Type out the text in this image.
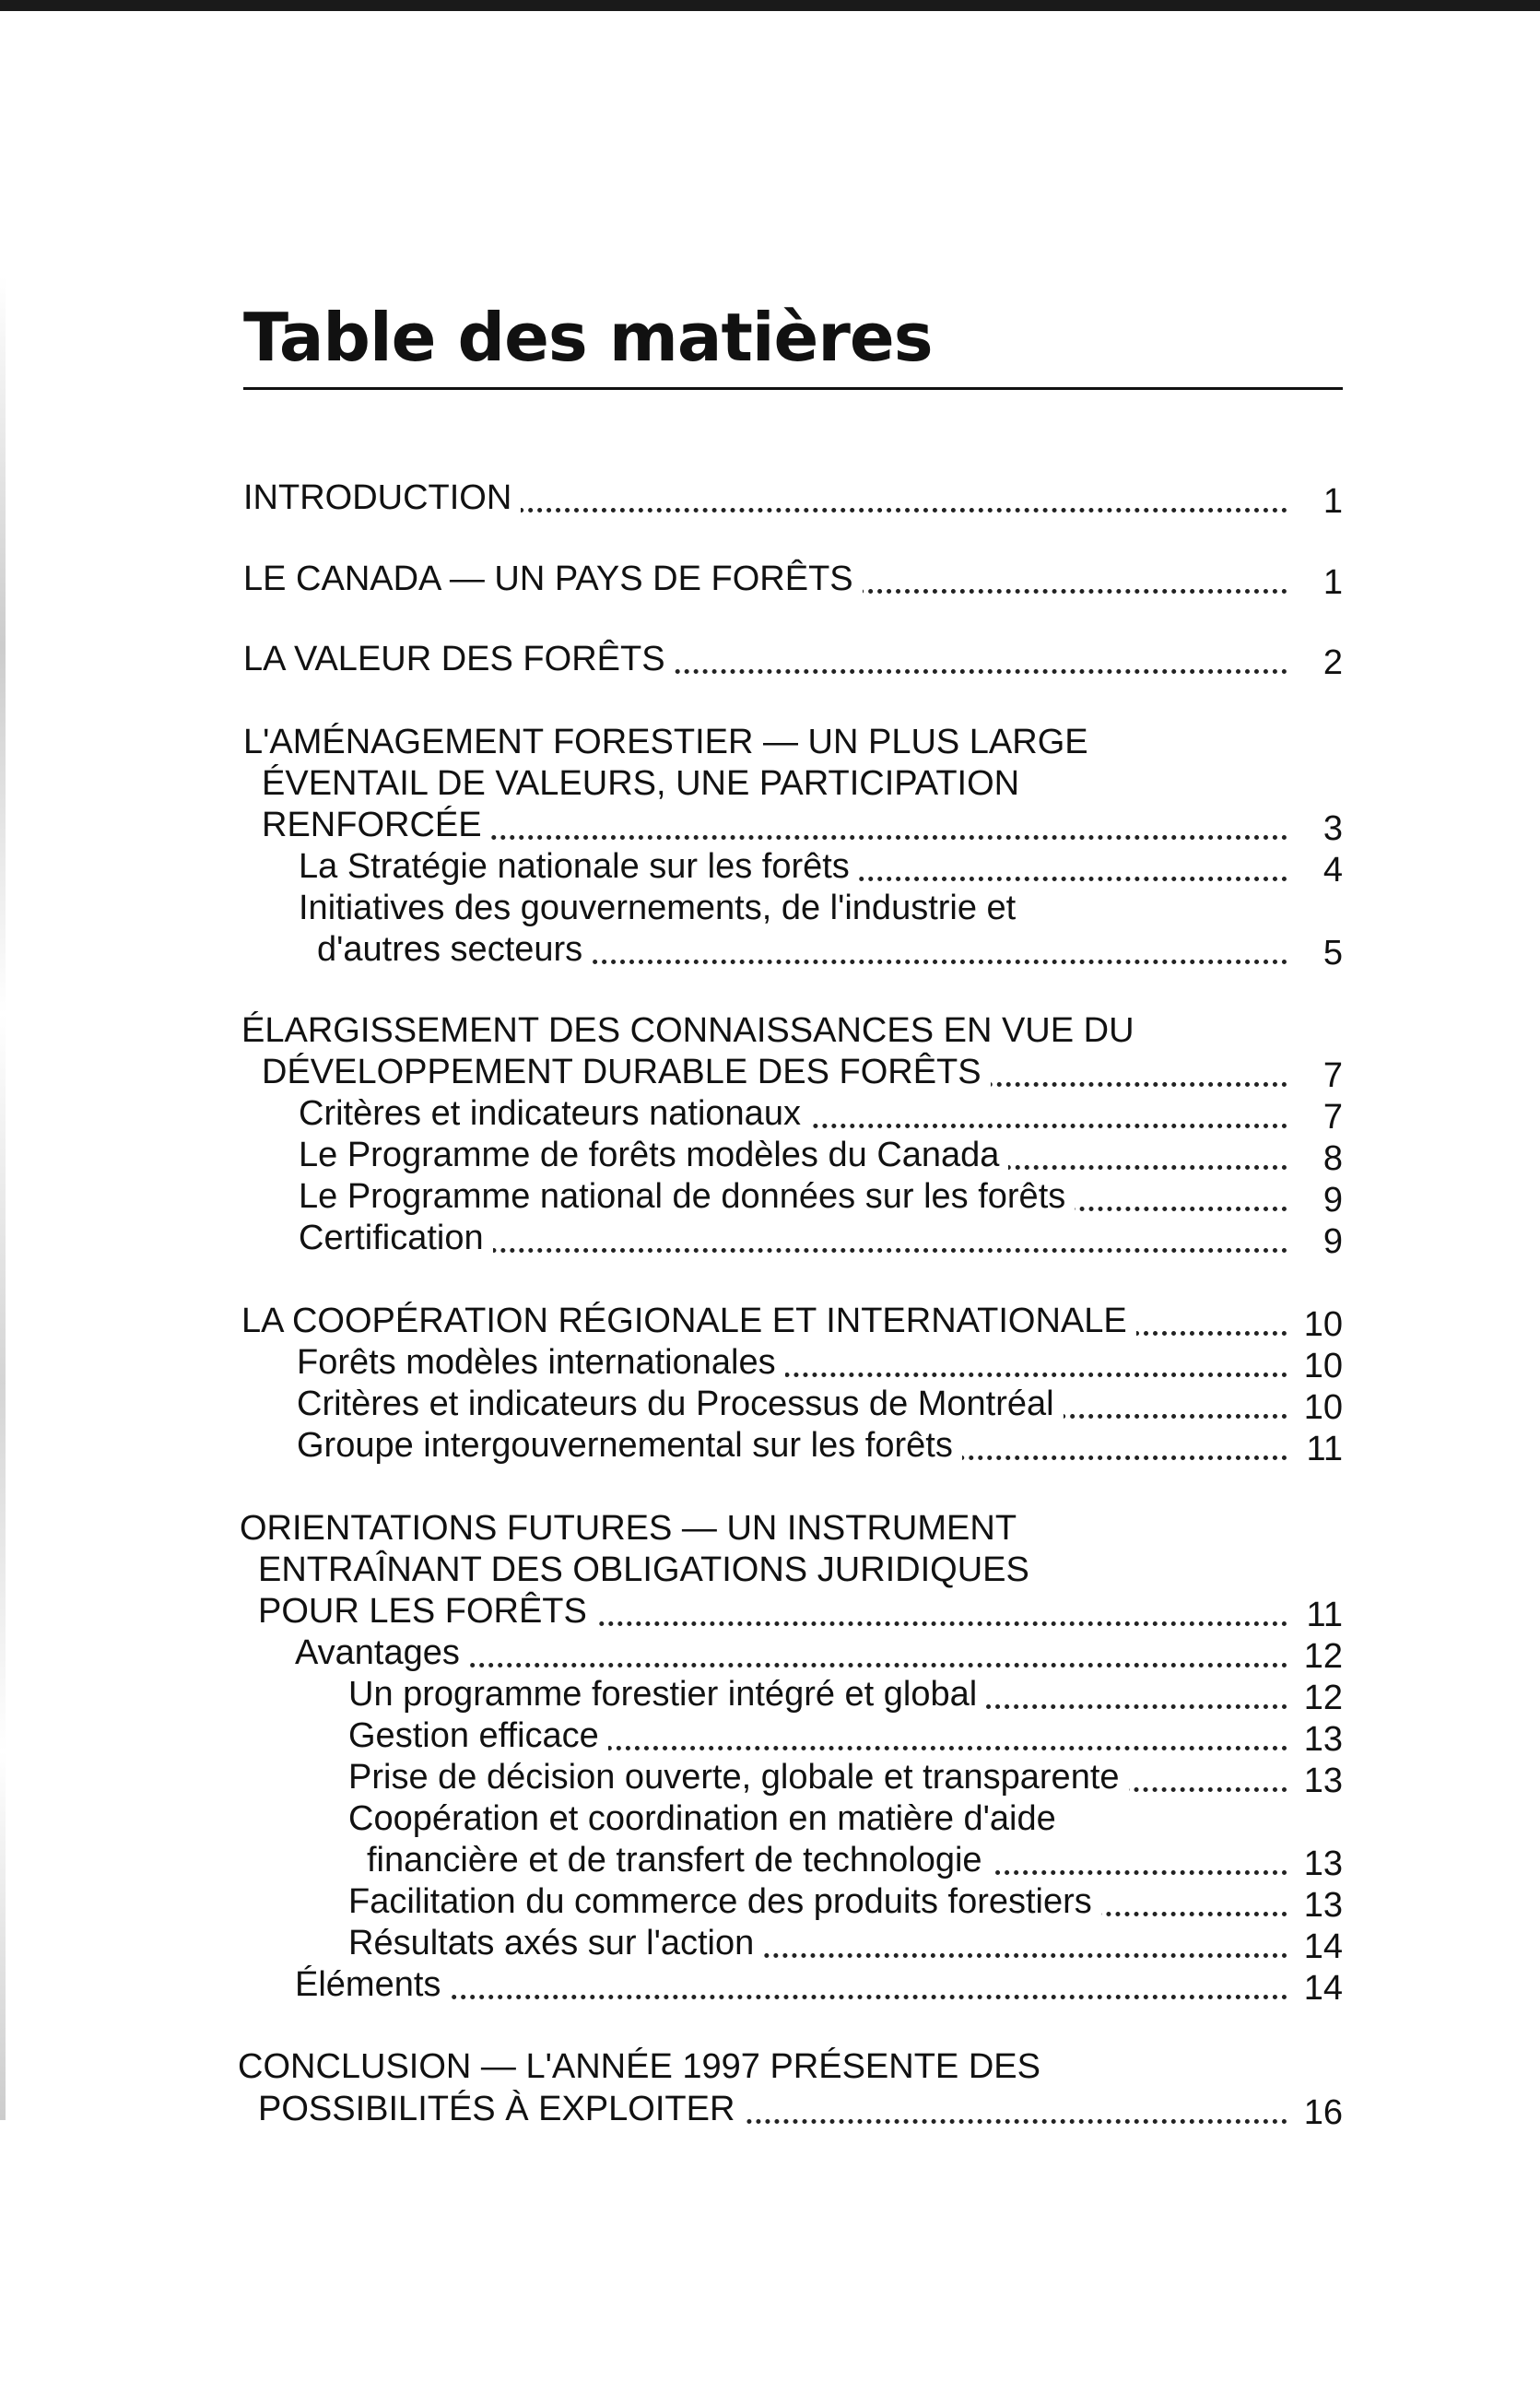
Table des matières
INTRODUCTION	1
LE CANADA — UN PAYS DE FORÊTS	1
LA VALEUR DES FORÊTS	2
L'AMÉNAGEMENT FORESTIER — UN PLUS LARGE
ÉVENTAIL DE VALEURS, UNE PARTICIPATION
RENFORCÉE	3
La Stratégie nationale sur les forêts	4
Initiatives des gouvernements, de l'industrie et
d'autres secteurs	5
ÉLARGISSEMENT DES CONNAISSANCES EN VUE DU
DÉVELOPPEMENT DURABLE DES FORÊTS	7
Critères et indicateurs nationaux	7
Le Programme de forêts modèles du Canada	8
Le Programme national de données sur les forêts	9
Certification	9
LA COOPÉRATION RÉGIONALE ET INTERNATIONALE	10
Forêts modèles internationales	10
Critères et indicateurs du Processus de Montréal	10
Groupe intergouvernemental sur les forêts	11
ORIENTATIONS FUTURES — UN INSTRUMENT
ENTRAÎNANT DES OBLIGATIONS JURIDIQUES
POUR LES FORÊTS	11
Avantages	12
Un programme forestier intégré et global	12
Gestion efficace	13
Prise de décision ouverte, globale et transparente	13
Coopération et coordination en matière d'aide
financière et de transfert de technologie	13
Facilitation du commerce des produits forestiers	13
Résultats axés sur l'action	14
Éléments	14
CONCLUSION — L'ANNÉE 1997 PRÉSENTE DES
POSSIBILITÉS À EXPLOITER	16
